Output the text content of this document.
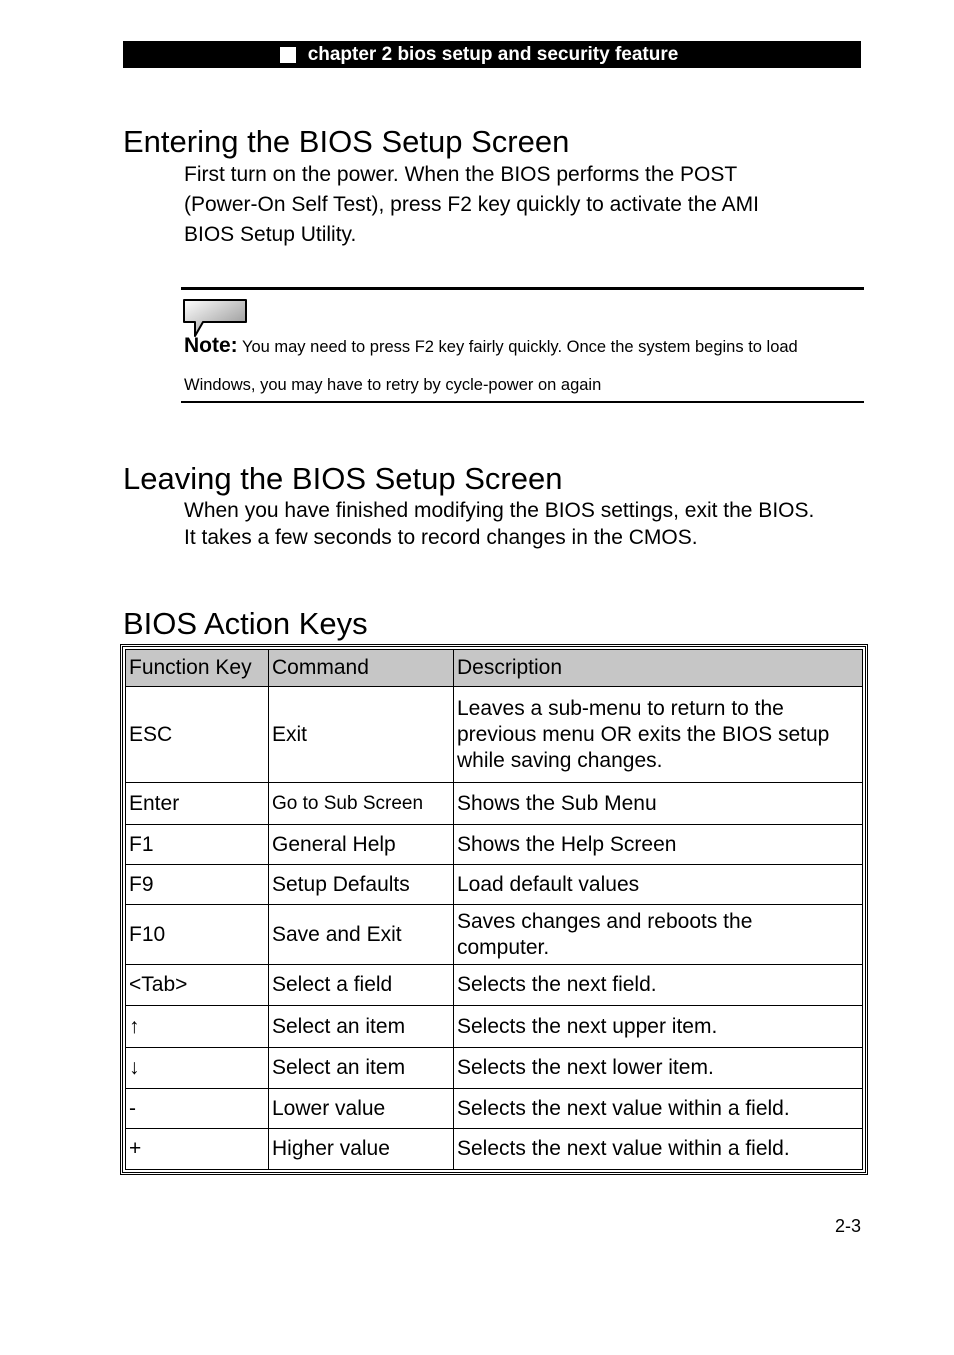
chapter 2 bios setup and security feature
Entering the BIOS Setup Screen
First turn on the power. When the BIOS performs the POST
(Power-On Self Test), press F2 key quickly to activate the AMI
BIOS Setup Utility.
Note: You may need to press F2 key fairly quickly. Once the system begins to load
Windows, you may have to retry by cycle-power on again
Leaving the BIOS Setup Screen
When you have finished modifying the BIOS settings, exit the BIOS.
It takes a few seconds to record changes in the CMOS.
BIOS Action Keys
Function Key	Command	Description
ESC	Exit	Leaves a sub-menu to return to the
previous menu OR exits the BIOS setup
while saving changes.

Enter	Go to Sub Screen	Shows the Sub Menu
F1	General Help	Shows the Help Screen
F9	Setup Defaults	Load default values
F10	Save and Exit	Saves changes and reboots the
computer.

<Tab>	Select a field	Selects the next field.
↑	Select an item	Selects the next upper item.
↓	Select an item	Selects the next lower item.
-	Lower value	Selects the next value within a field.
+	Higher value	Selects the next value within a field.
2-3
